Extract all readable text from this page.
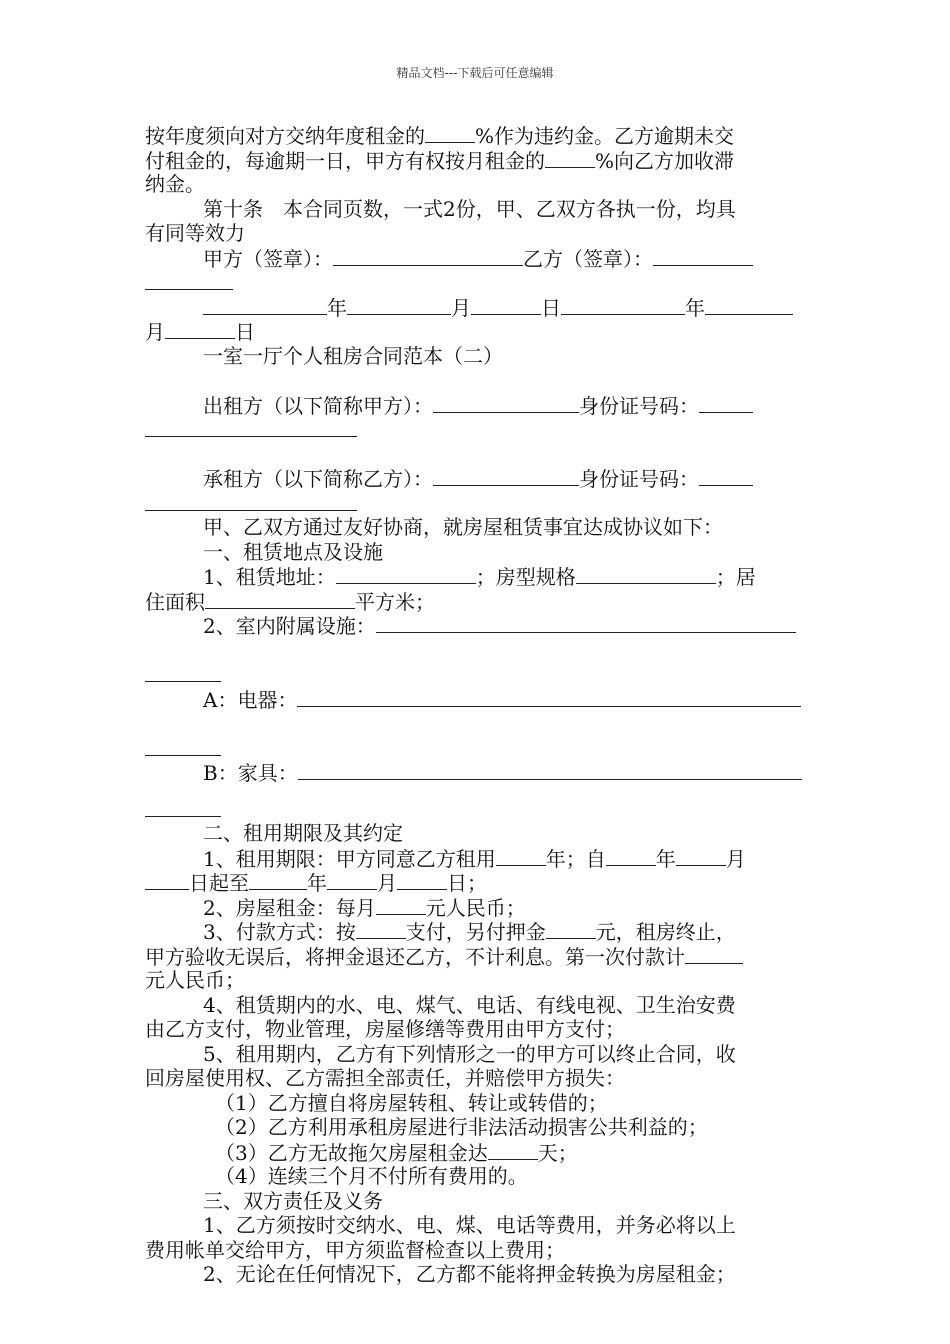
精品文档---下载后可任意编辑
按年度须向对方交纳年度租金的	%作为违约金。乙方逾期未交
付租金的，每逾期一日，甲方有权按月租金的	%向乙方加收滞
纳金。
第十条　本合同页数，一式2份，甲、乙双方各执一份，均具
有同等效力
甲方（签章）：	乙方（签章）：
年	月	日	年
月	日
一室一厅个人租房合同范本（二）
出租方（以下简称甲方）：	身份证号码：
承租方（以下简称乙方）：	身份证号码：
甲、乙双方通过友好协商，就房屋租赁事宜达成协议如下：
一、租赁地点及设施
1、租赁地址：	；房型规格	；居
住面积	平方米；
2、室内附属设施：
A：电器：
B：家具：
二、租用期限及其约定
1、租用期限：甲方同意乙方租用	年；自	年	月
日起至	年	月	日；
2、房屋租金：每月	元人民币；
3、付款方式：按	支付，另付押金	元，租房终止，
甲方验收无误后，将押金退还乙方，不计利息。第一次付款计
元人民币；
4、租赁期内的水、电、煤气、电话、有线电视、卫生治安费
由乙方支付，物业管理，房屋修缮等费用由甲方支付；
5、租用期内，乙方有下列情形之一的甲方可以终止合同，收
回房屋使用权、乙方需担全部责任，并赔偿甲方损失：
（1）乙方擅自将房屋转租、转让或转借的；
（2）乙方利用承租房屋进行非法活动损害公共利益的；
（3）乙方无故拖欠房屋租金达	天；
（4）连续三个月不付所有费用的。
三、双方责任及义务
1、乙方须按时交纳水、电、煤、电话等费用，并务必将以上
费用帐单交给甲方，甲方须监督检查以上费用；
2、无论在任何情况下，乙方都不能将押金转换为房屋租金；
